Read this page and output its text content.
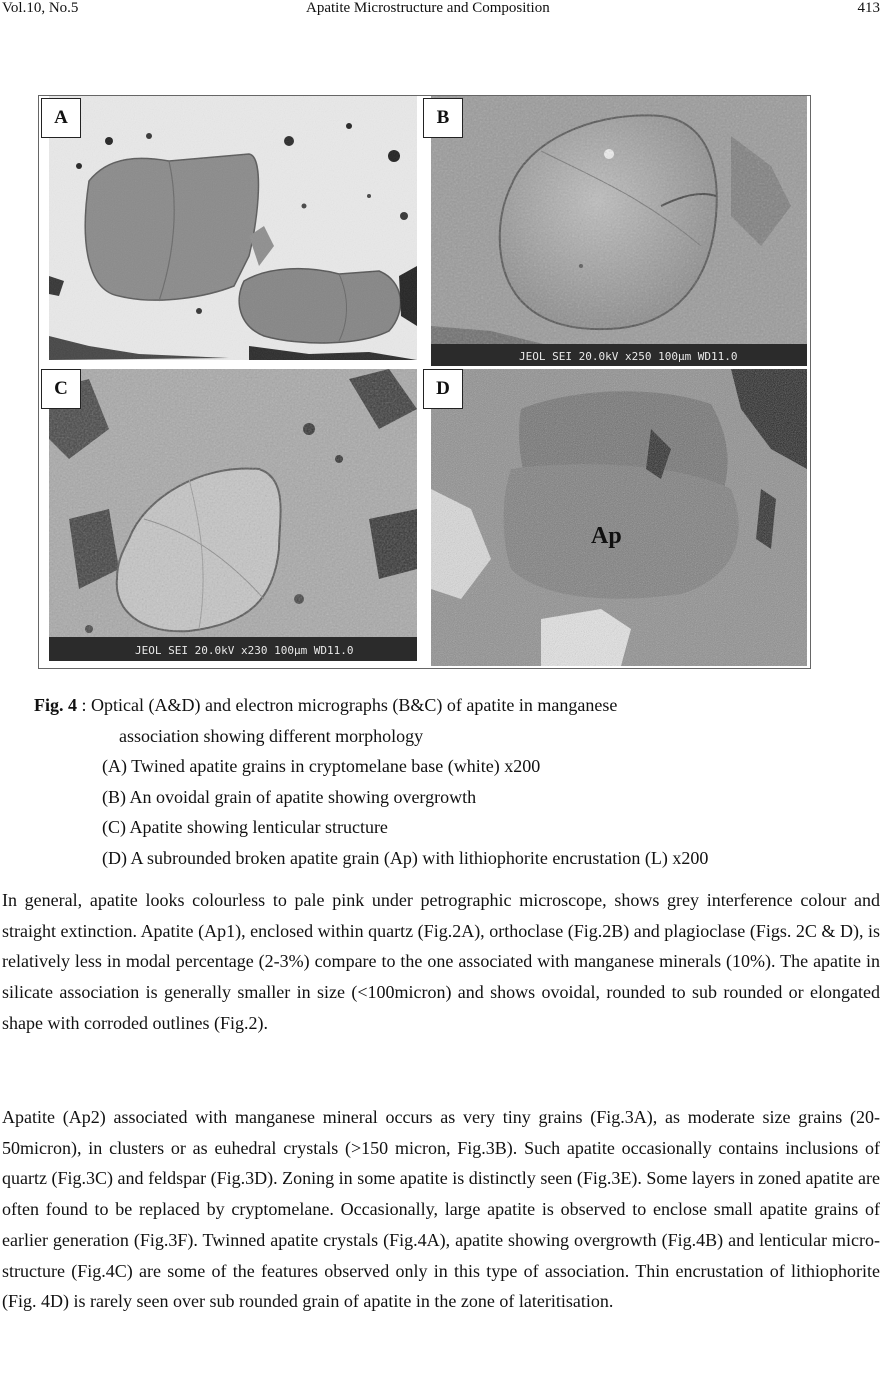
Vol.10, No.5	Apatite Microstructure and Composition	413
A
JEOL SEI 20.0kV x250 100µm WD11.0
B
JEOL SEI 20.0kV x230 100µm WD11.0
C
Ap
D
Fig. 4 : Optical (A&D) and electron micrographs (B&C) of apatite in manganese
association showing different morphology
(A) Twined apatite grains in cryptomelane base (white) x200
(B) An ovoidal grain of apatite showing overgrowth
(C) Apatite showing lenticular structure
(D) A subrounded broken apatite grain (Ap) with lithiophorite encrustation (L) x200

In general, apatite looks colourless to pale pink under petrographic microscope, shows grey interference colour and straight extinction. Apatite (Ap1), enclosed within quartz (Fig.2A), orthoclase (Fig.2B) and plagioclase (Figs. 2C & D), is relatively less in modal percentage (2-3%) compare to the one associated with manganese minerals (10%). The apatite in silicate association is generally smaller in size (<100micron) and shows ovoidal, rounded to sub rounded or elongated shape with corroded outlines (Fig.2).

Apatite (Ap2) associated with manganese mineral occurs as very tiny grains (Fig.3A), as moderate size grains (20-50micron), in clusters or as euhedral crystals (>150 micron, Fig.3B). Such apatite occasionally contains inclusions of quartz (Fig.3C) and feldspar (Fig.3D). Zoning in some apatite is distinctly seen (Fig.3E). Some layers in zoned apatite are often found to be replaced by cryptomelane. Occasionally, large apatite is observed to enclose small apatite grains of earlier generation (Fig.3F). Twinned apatite crystals (Fig.4A), apatite showing overgrowth (Fig.4B) and lenticular micro-structure (Fig.4C) are some of the features observed only in this type of association. Thin encrustation of lithiophorite (Fig. 4D) is rarely seen over sub rounded grain of apatite in the zone of lateritisation.
